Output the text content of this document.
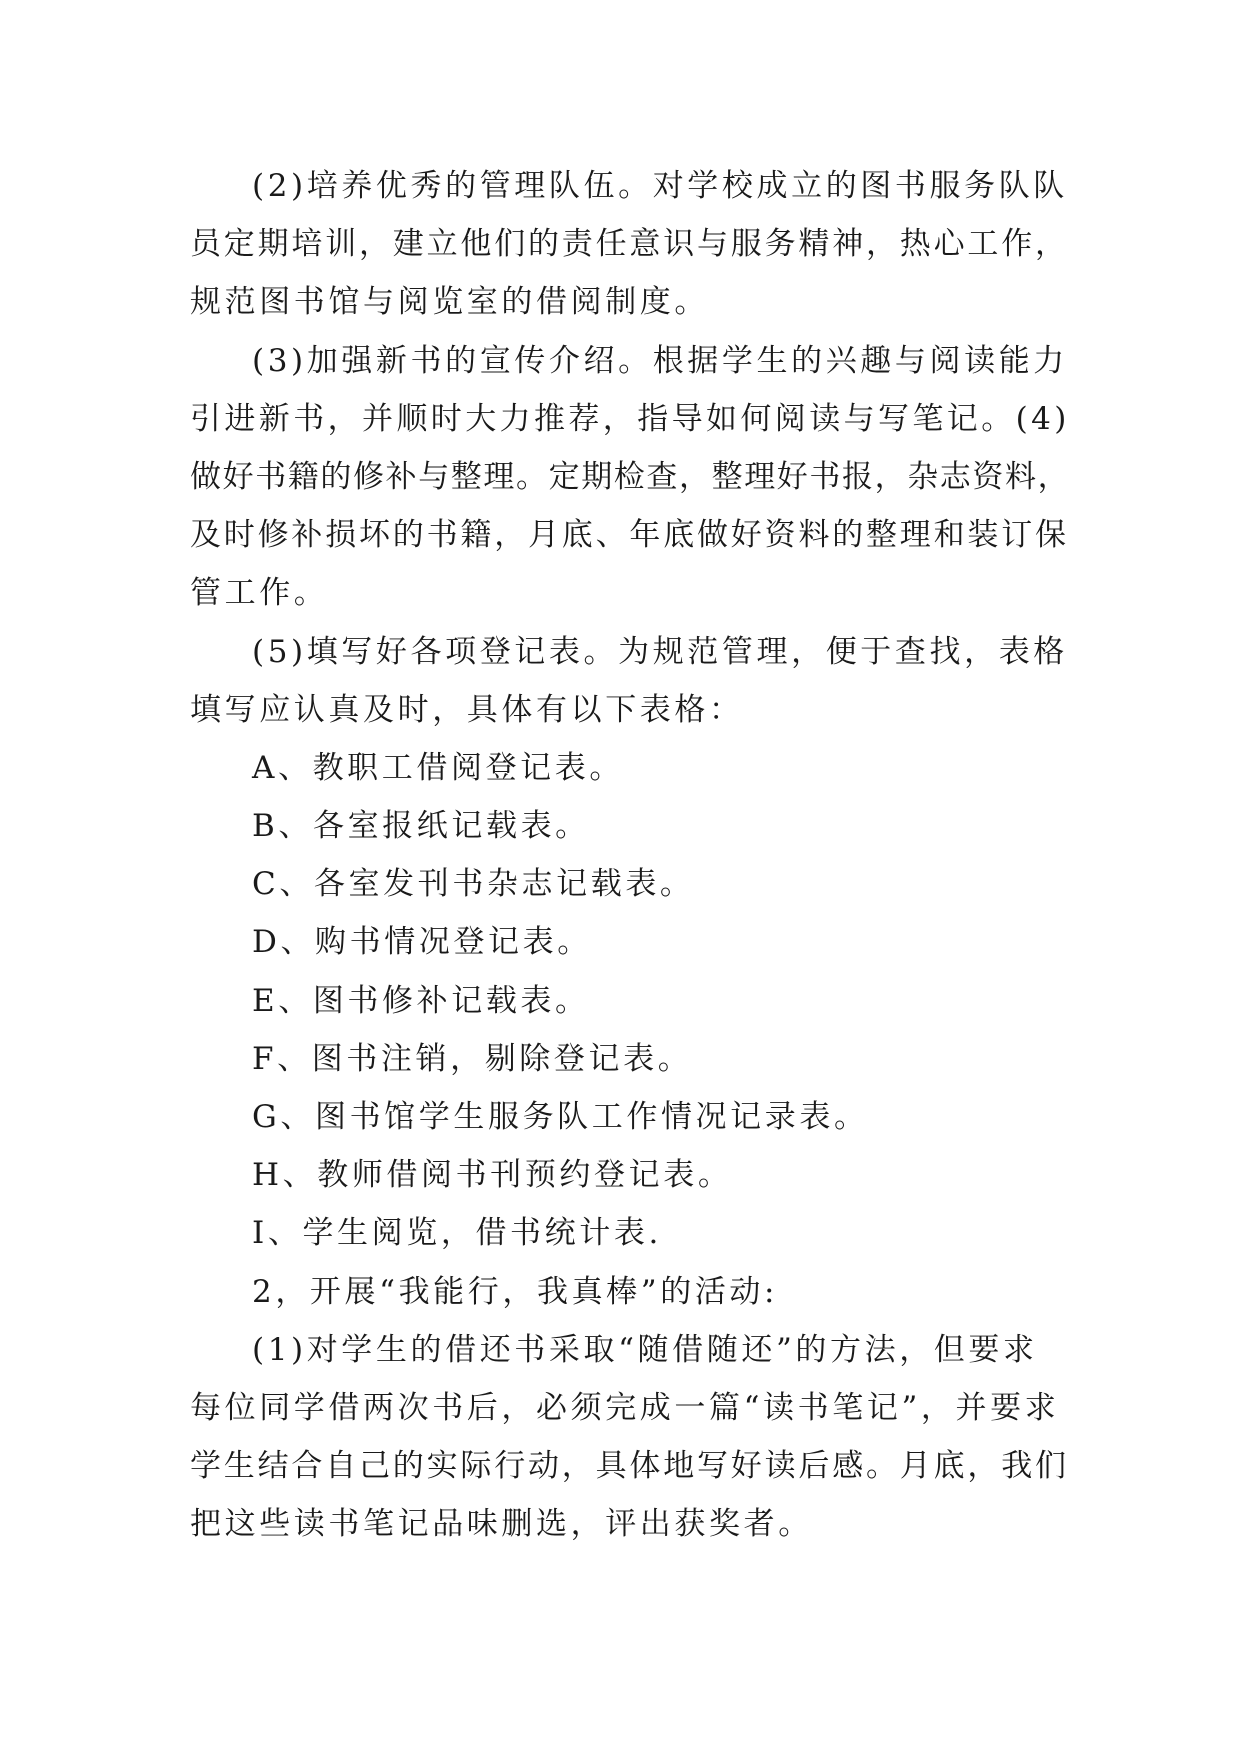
(2)培养优秀的管理队伍。对学校成立的图书服务队队
员定期培训，建立他们的责任意识与服务精神，热心工作，
规范图书馆与阅览室的借阅制度。
(3)加强新书的宣传介绍。根据学生的兴趣与阅读能力
引进新书，并顺时大力推荐，指导如何阅读与写笔记。(4)
做好书籍的修补与整理。定期检查，整理好书报，杂志资料，
及时修补损坏的书籍，月底、年底做好资料的整理和装订保
管工作。
(5)填写好各项登记表。为规范管理，便于查找，表格
填写应认真及时，具体有以下表格：
A、教职工借阅登记表。
B、各室报纸记载表。
C、各室发刊书杂志记载表。
D、购书情况登记表。
E、图书修补记载表。
F、图书注销，剔除登记表。
G、图书馆学生服务队工作情况记录表。
H、教师借阅书刊预约登记表。
I、学生阅览，借书统计表.
2，开展“我能行，我真棒”的活动:
(1)对学生的借还书采取“随借随还”的方法，但要求
每位同学借两次书后，必须完成一篇“读书笔记”，并要求
学生结合自己的实际行动，具体地写好读后感。月底，我们
把这些读书笔记品味删选，评出获奖者。
